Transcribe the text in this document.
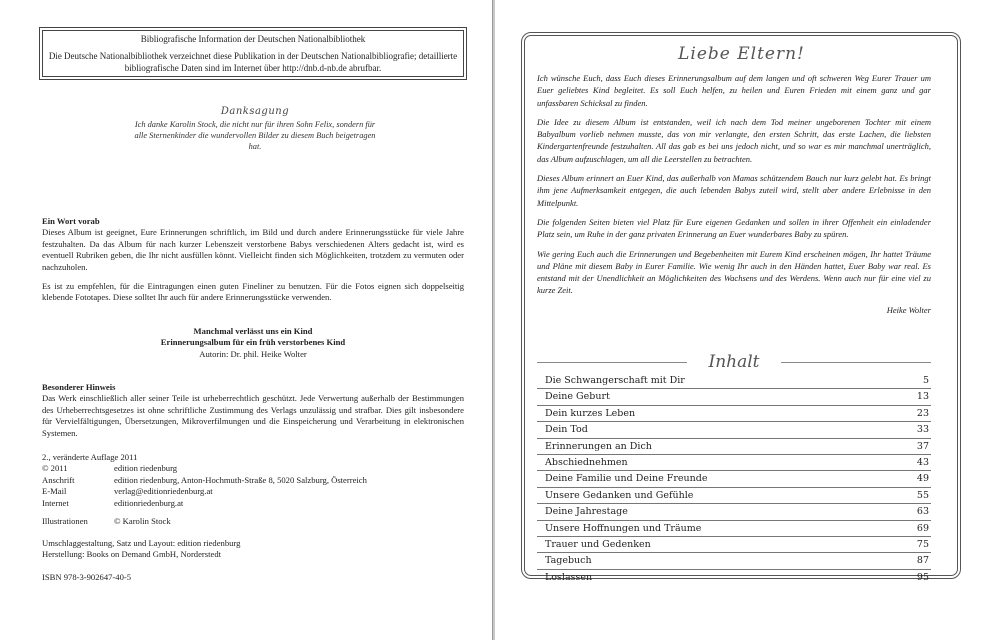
Bibliografische Information der Deutschen Nationalbibliothek
Die Deutsche Nationalbibliothek verzeichnet diese Publikation in der Deutschen Nationalbibliografie; detaillierte bibliografische Daten sind im Internet über http://dnb.d-nb.de abrufbar.
Danksagung
Ich danke Karolin Stock, die nicht nur für ihren Sohn Felix, sondern für alle Sternenkinder die wundervollen Bilder zu diesem Buch beigetragen hat.
Ein Wort vorab
Dieses Album ist geeignet, Eure Erinnerungen schriftlich, im Bild und durch andere Erinnerungsstücke für viele Jahre festzuhalten. Da das Album für nach kurzer Lebenszeit verstorbene Babys verschiedenen Alters gedacht ist, wird es eventuell Rubriken geben, die Ihr nicht ausfüllen könnt. Vielleicht finden sich Möglichkeiten, trotzdem zu vermuten oder nachzuholen.
Es ist zu empfehlen, für die Eintragungen einen guten Fineliner zu benutzen. Für die Fotos eignen sich doppelseitig klebende Fototapes. Diese solltet Ihr auch für andere Erinnerungsstücke verwenden.
Manchmal verlässt uns ein Kind
Erinnerungsalbum für ein früh verstorbenes Kind
Autorin: Dr. phil. Heike Wolter
Besonderer Hinweis
Das Werk einschließlich aller seiner Teile ist urheberrechtlich geschützt. Jede Verwertung außerhalb der Bestimmungen des Urheberrechtsgesetzes ist ohne schriftliche Zustimmung des Verlags unzulässig und strafbar. Dies gilt insbesondere für Vervielfältigungen, Übersetzungen, Mikroverfilmungen und die Einspeicherung und Verarbeitung in elektronischen Systemen.
2., veränderte Auflage 2011
© 2011	edition riedenburg
Anschrift	edition riedenburg, Anton-Hochmuth-Straße 8, 5020 Salzburg, Österreich
E-Mail	verlag@editionriedenburg.at
Internet	editionriedenburg.at
Illustrationen	© Karolin Stock
Umschlaggestaltung, Satz und Layout: edition riedenburg
Herstellung: Books on Demand GmbH, Norderstedt
ISBN 978-3-902647-40-5
Liebe Eltern!

Ich wünsche Euch, dass Euch dieses Erinnerungsalbum auf dem langen und oft schweren Weg Eurer Trauer um Euer geliebtes Kind begleitet. Es soll Euch helfen, zu heilen und Euren Frieden mit einem ganz und gar unfassbaren Schicksal zu finden.

Die Idee zu diesem Album ist entstanden, weil ich nach dem Tod meiner ungeborenen Tochter mit einem Babyalbum vorlieb nehmen musste, das von mir verlangte, den ersten Schritt, das erste Lachen, die liebsten Kindergartenfreunde festzuhalten. All das gab es bei uns jedoch nicht, und so war es mir manchmal unerträglich, das Album aufzuschlagen, um all die Leerstellen zu betrachten.

Dieses Album erinnert an Euer Kind, das außerhalb von Mamas schützendem Bauch nur kurz gelebt hat. Es bringt ihm jene Aufmerksamkeit entgegen, die auch lebenden Babys zuteil wird, stellt aber andere Erlebnisse in den Mittelpunkt.

Die folgenden Seiten bieten viel Platz für Eure eigenen Gedanken und sollen in ihrer Offenheit ein einladender Platz sein, um Ruhe in der ganz privaten Erinnerung an Euer wunderbares Baby zu spüren.

Wie gering Euch auch die Erinnerungen und Begebenheiten mit Eurem Kind erscheinen mögen, Ihr hattet Träume und Pläne mit diesem Baby in Eurer Familie. Wie wenig Ihr auch in den Händen hattet, Euer Baby war real. Es entstand mit der Unendlichkeit an Möglichkeiten des Wachsens und des Werdens. Wenn auch nur für eine viel zu kurze Zeit.

Heike Wolter

Inhalt
Die Schwangerschaft mit Dir	5
Deine Geburt	13
Dein kurzes Leben	23
Dein Tod	33
Erinnerungen an Dich	37
Abschiednehmen	43
Deine Familie und Deine Freunde	49
Unsere Gedanken und Gefühle	55
Deine Jahrestage	63
Unsere Hoffnungen und Träume	69
Trauer und Gedenken	75
Tagebuch	87
Loslassen	95
